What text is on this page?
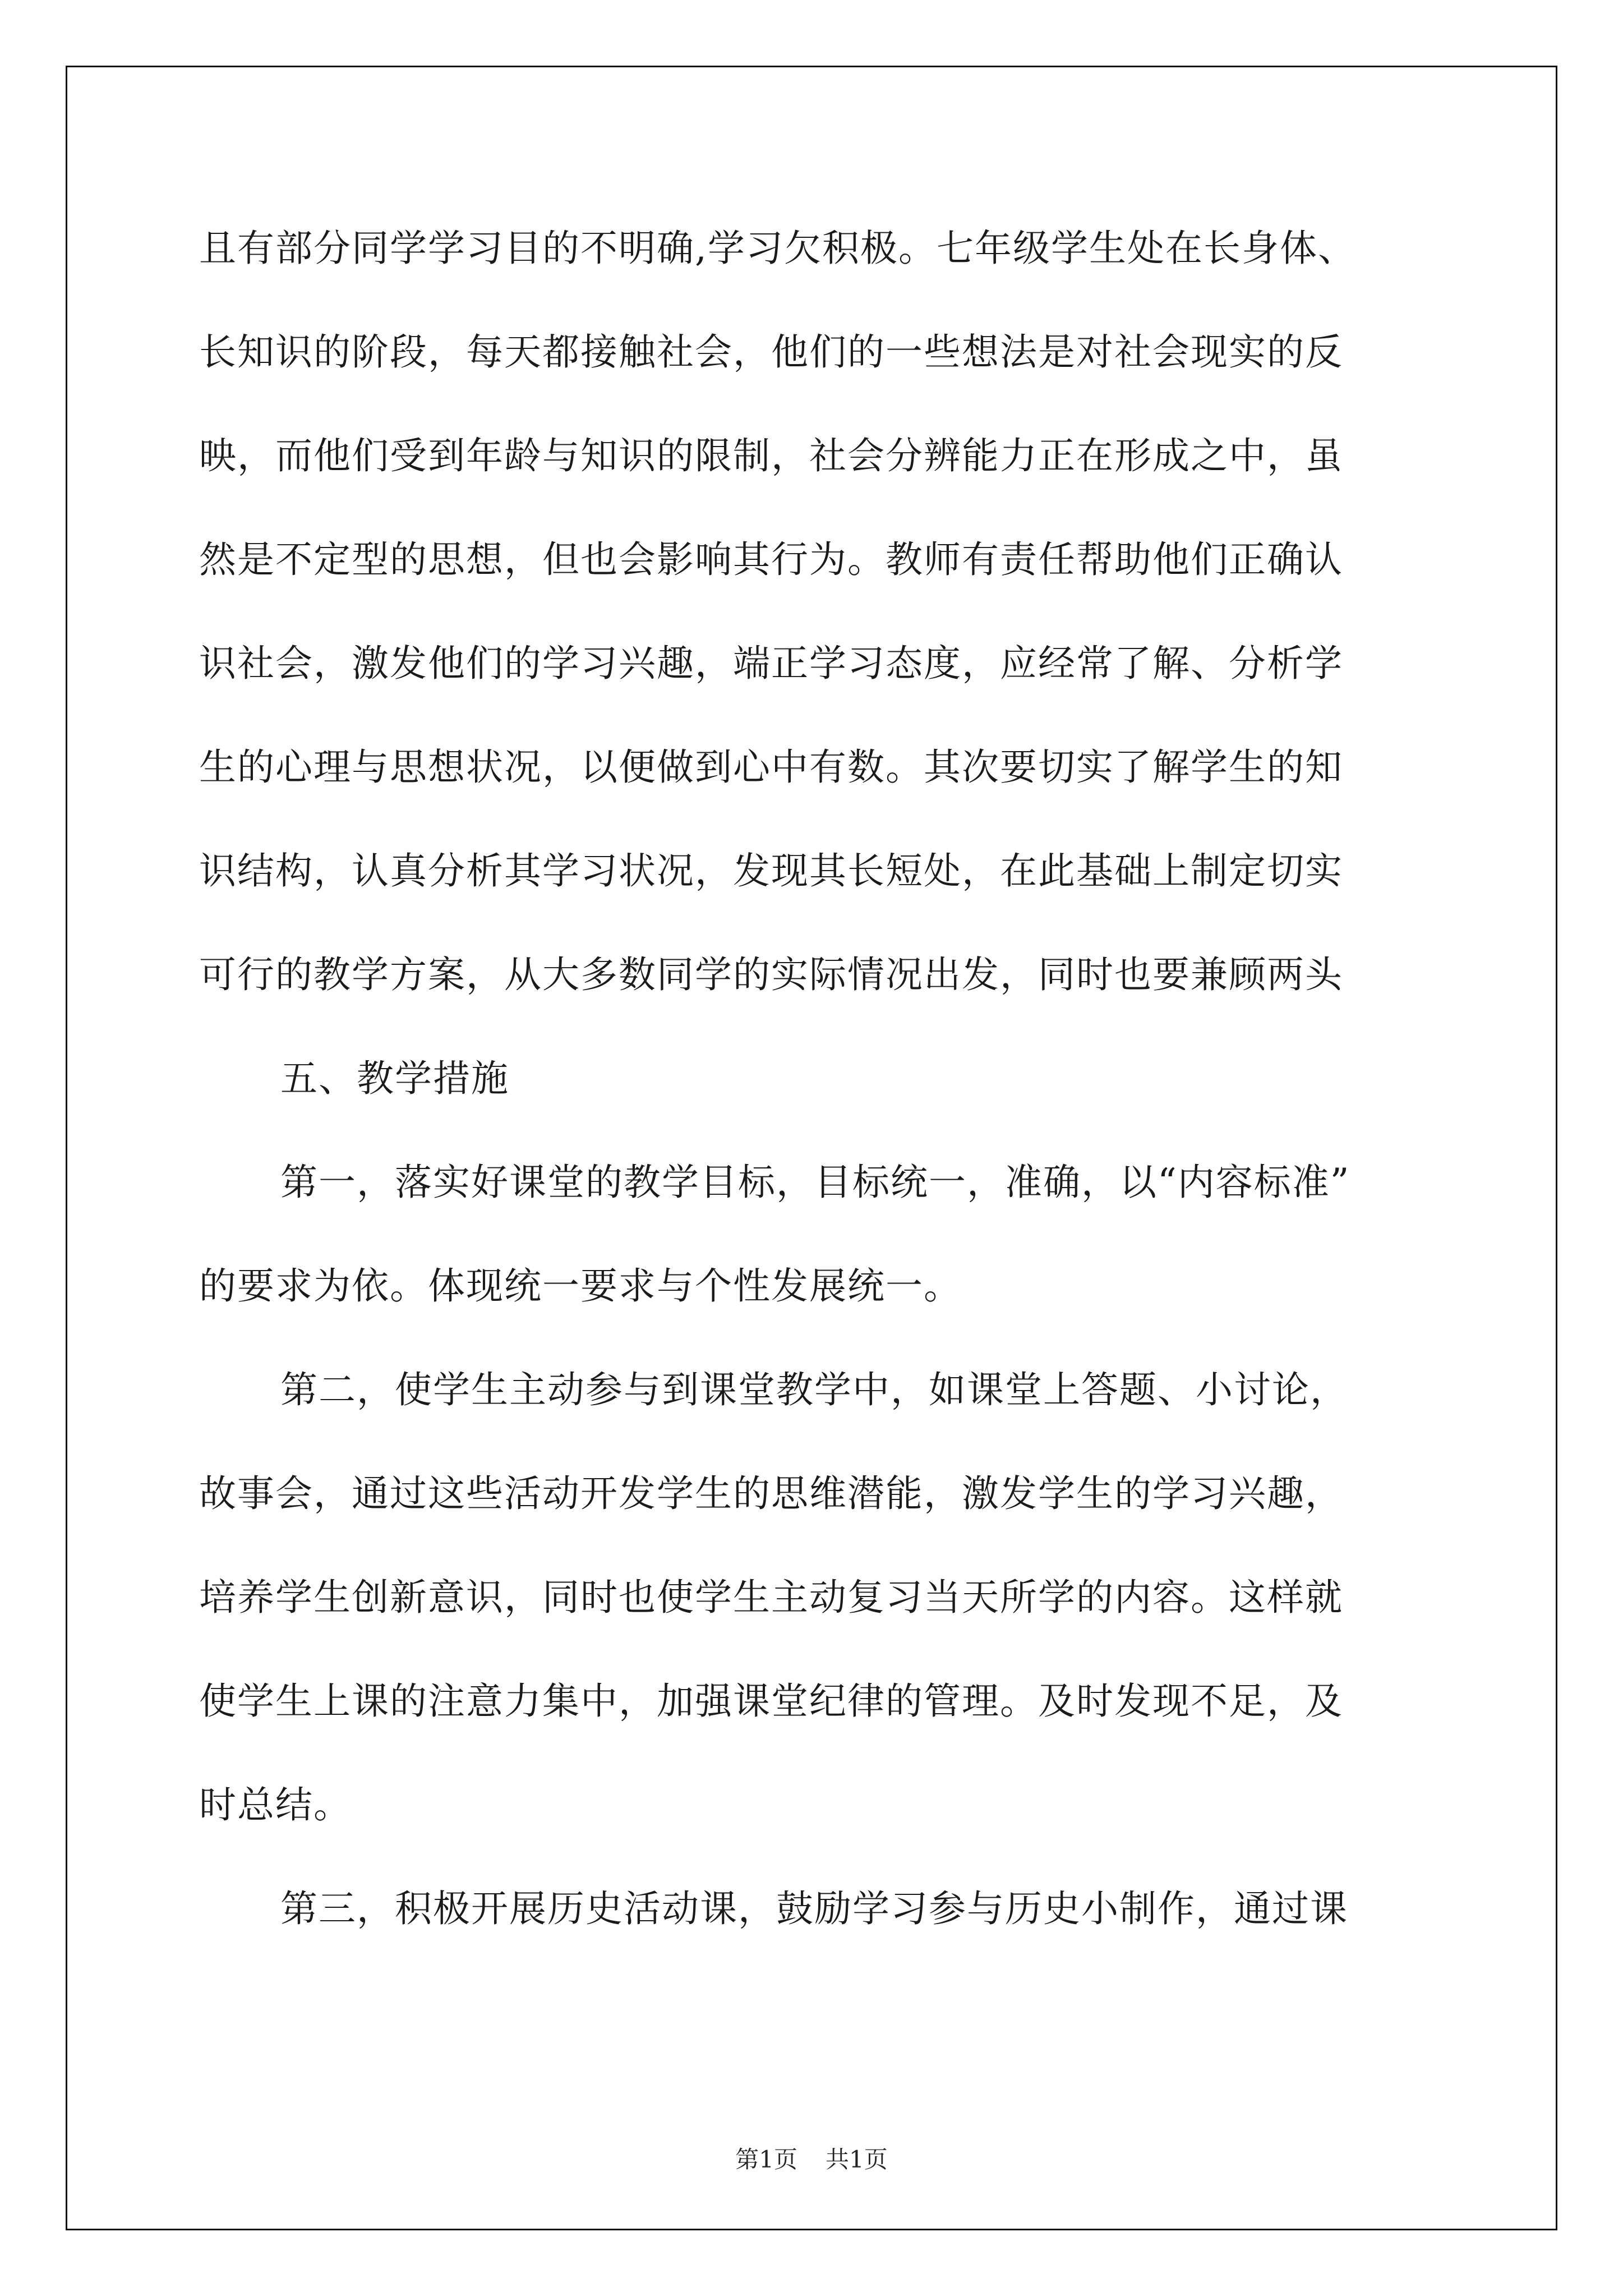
且有部分同学学习目的不明确,学习欠积极。七年级学生处在长身体、
长知识的阶段，每天都接触社会，他们的一些想法是对社会现实的反
映，而他们受到年龄与知识的限制，社会分辨能力正在形成之中，虽
然是不定型的思想，但也会影响其行为。教师有责任帮助他们正确认
识社会，激发他们的学习兴趣，端正学习态度，应经常了解、分析学
生的心理与思想状况，以便做到心中有数。其次要切实了解学生的知
识结构，认真分析其学习状况，发现其长短处，在此基础上制定切实
可行的教学方案，从大多数同学的实际情况出发，同时也要兼顾两头
五、教学措施
第一，落实好课堂的教学目标，目标统一，准确，以“内容标准”
的要求为依。体现统一要求与个性发展统一。
第二，使学生主动参与到课堂教学中，如课堂上答题、小讨论，
故事会，通过这些活动开发学生的思维潜能，激发学生的学习兴趣，
培养学生创新意识，同时也使学生主动复习当天所学的内容。这样就
使学生上课的注意力集中，加强课堂纪律的管理。及时发现不足，及
时总结。
第三，积极开展历史活动课，鼓励学习参与历史小制作，通过课
第1页 共1页
